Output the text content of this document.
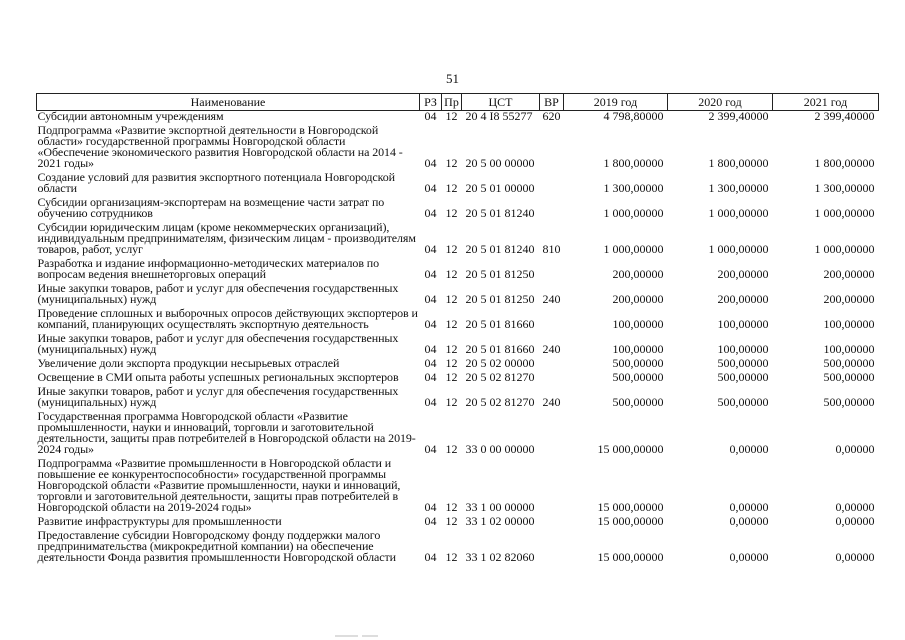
51
Наименование	РЗ	Пр	ЦСТ	ВР	2019 год	2020 год	2021 год
Субсидии автономным учреждениям	04	12	20 4 I8 55277	620	4 798,80000	2 399,40000	2 399,40000

Подпрограмма «Развитие экспортной деятельности в Новгородской области» государственной программы Новгородской области «Обеспечение экономического развития Новгородской области на 2014 - 2021 годы»	04	12	20 5 00 00000		1 800,00000	1 800,00000	1 800,00000

Создание условий для развития экспортного потенциала Новгородской области	04	12	20 5 01 00000		1 300,00000	1 300,00000	1 300,00000

Субсидии организациям-экспортерам на возмещение части затрат по обучению сотрудников	04	12	20 5 01 81240		1 000,00000	1 000,00000	1 000,00000

Субсидии юридическим лицам (кроме некоммерческих организаций), индивидуальным предпринимателям, физическим лицам - производителям товаров, работ, услуг	04	12	20 5 01 81240	810	1 000,00000	1 000,00000	1 000,00000

Разработка и издание информационно-методических материалов по вопросам ведения внешнеторговых операций	04	12	20 5 01 81250		200,00000	200,00000	200,00000

Иные закупки товаров, работ и услуг для обеспечения государственных (муниципальных) нужд	04	12	20 5 01 81250	240	200,00000	200,00000	200,00000

Проведение сплошных и выборочных опросов действующих экспортеров и компаний, планирующих осуществлять экспортную деятельность	04	12	20 5 01 81660		100,00000	100,00000	100,00000

Иные закупки товаров, работ и услуг для обеспечения государственных (муниципальных) нужд	04	12	20 5 01 81660	240	100,00000	100,00000	100,00000

Увеличение доли экспорта продукции несырьевых отраслей	04	12	20 5 02 00000		500,00000	500,00000	500,00000

Освещение в СМИ опыта работы успешных региональных экспортеров	04	12	20 5 02 81270		500,00000	500,00000	500,00000

Иные закупки товаров, работ и услуг для обеспечения государственных (муниципальных) нужд	04	12	20 5 02 81270	240	500,00000	500,00000	500,00000

Государственная программа Новгородской области «Развитие промышленности, науки и инноваций, торговли и заготовительной деятельности, защиты прав потребителей в Новгородской области на 2019-2024 годы»	04	12	33 0 00 00000		15 000,00000	0,00000	0,00000

Подпрограмма «Развитие промышленности в Новгородской области и повышение ее конкурентоспособности» государственной программы Новгородской области «Развитие промышленности, науки и инноваций, торговли и заготовительной деятельности, защиты прав потребителей в Новгородской области на 2019-2024 годы»	04	12	33 1 00 00000		15 000,00000	0,00000	0,00000

Развитие инфраструктуры для промышленности	04	12	33 1 02 00000		15 000,00000	0,00000	0,00000

Предоставление субсидии Новгородскому фонду поддержки малого предпринимательства (микрокредитной компании) на обеспечение деятельности Фонда развития промышленности Новгородской области	04	12	33 1 02 82060		15 000,00000	0,00000	0,00000
